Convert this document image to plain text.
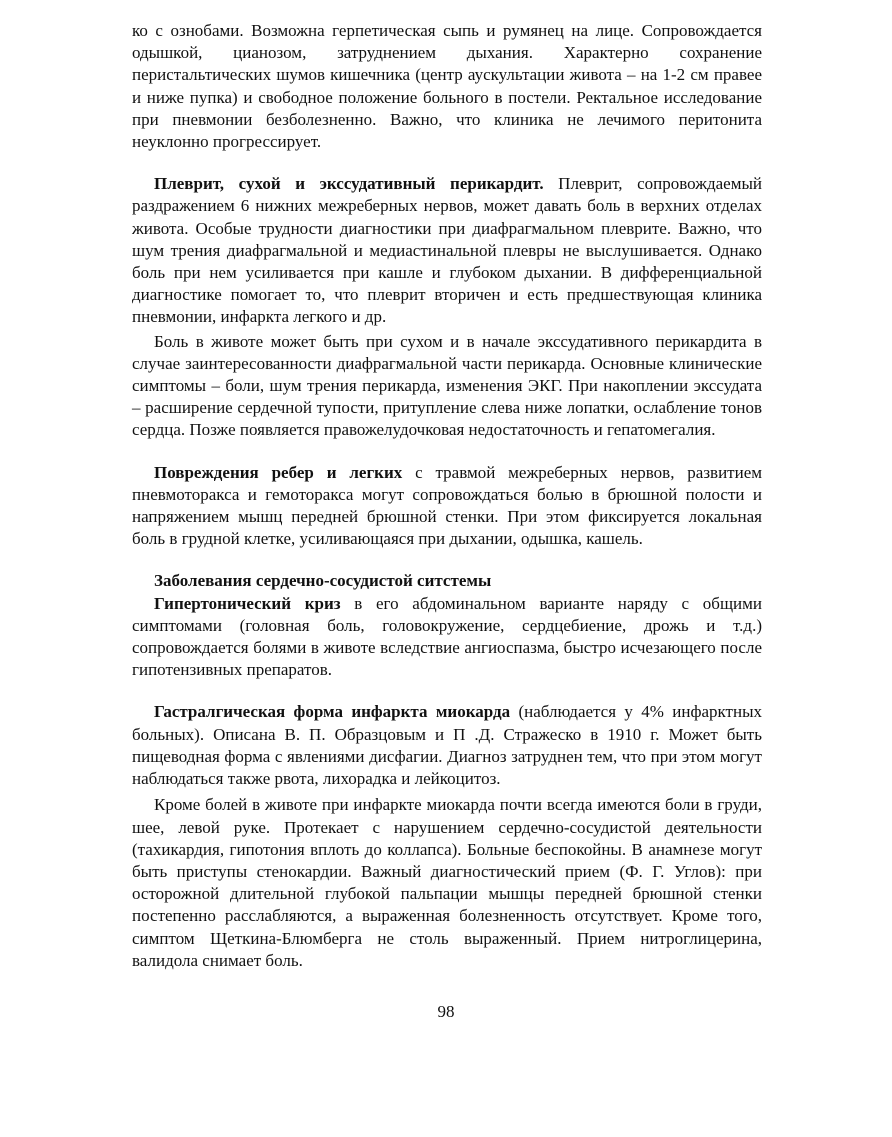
ко с ознобами. Возможна герпетическая сыпь и румянец на лице. Сопровождается одышкой, цианозом, затруднением дыхания. Характерно сохранение перистальтических шумов кишечника (центр аускультации живота – на 1-2 см правее и ниже пупка) и свободное положение больного в постели. Ректальное исследование при пневмонии безболезненно. Важно, что клиника не лечимого перитонита неуклонно прогрессирует.

Плеврит, сухой и экссудативный перикардит. Плеврит, сопровождаемый раздражением 6 нижних межреберных нервов, может давать боль в верхних отделах живота. Особые трудности диагностики при диафрагмальном плеврите. Важно, что шум трения диафрагмальной и медиастинальной плевры не выслушивается. Однако боль при нем усиливается при кашле и глубоком дыхании. В дифференциальной диагностике помогает то, что плеврит вторичен и есть предшествующая клиника пневмонии, инфаркта легкого и др.

Боль в животе может быть при сухом и в начале экссудативного перикардита в случае заинтересованности диафрагмальной части перикарда. Основные клинические симптомы – боли, шум трения перикарда, изменения ЭКГ. При накоплении экссудата – расширение сердечной тупости, притупление слева ниже лопатки, ослабление тонов сердца. Позже появляется правожелудочковая недостаточность и гепатомегалия.

Повреждения ребер и легких с травмой межреберных нервов, развитием пневмоторакса и гемоторакса могут сопровождаться болью в брюшной полости и напряжением мышц передней брюшной стенки. При этом фиксируется локальная боль в грудной клетке, усиливающаяся при дыхании, одышка, кашель.

Заболевания сердечно-сосудистой ситстемы

Гипертонический криз в его абдоминальном варианте наряду с общими симптомами (головная боль, головокружение, сердцебиение, дрожь и т.д.) сопровождается болями в животе вследствие ангиоспазма, быстро исчезающего после гипотензивных препаратов.

Гастралгическая форма инфаркта миокарда (наблюдается у 4% инфарктных больных). Описана В. П. Образцовым и П .Д. Стражеско в 1910 г. Может быть пищеводная форма с явлениями дисфагии. Диагноз затруднен тем, что при этом могут наблюдаться также рвота, лихорадка и лейкоцитоз.

Кроме болей в животе при инфаркте миокарда почти всегда имеются боли в груди, шее, левой руке. Протекает с нарушением сердечно-сосудистой деятельности (тахикардия, гипотония вплоть до коллапса). Больные беспокойны. В анамнезе могут быть приступы стенокардии. Важный диагностический прием (Ф. Г. Углов): при осторожной длительной глубокой пальпации мышцы передней брюшной стенки постепенно расслабляются, а выраженная болезненность отсутствует. Кроме того, симптом Щеткина-Блюмберга не столь выраженный. Прием нитроглицерина, валидола снимает боль.

98
